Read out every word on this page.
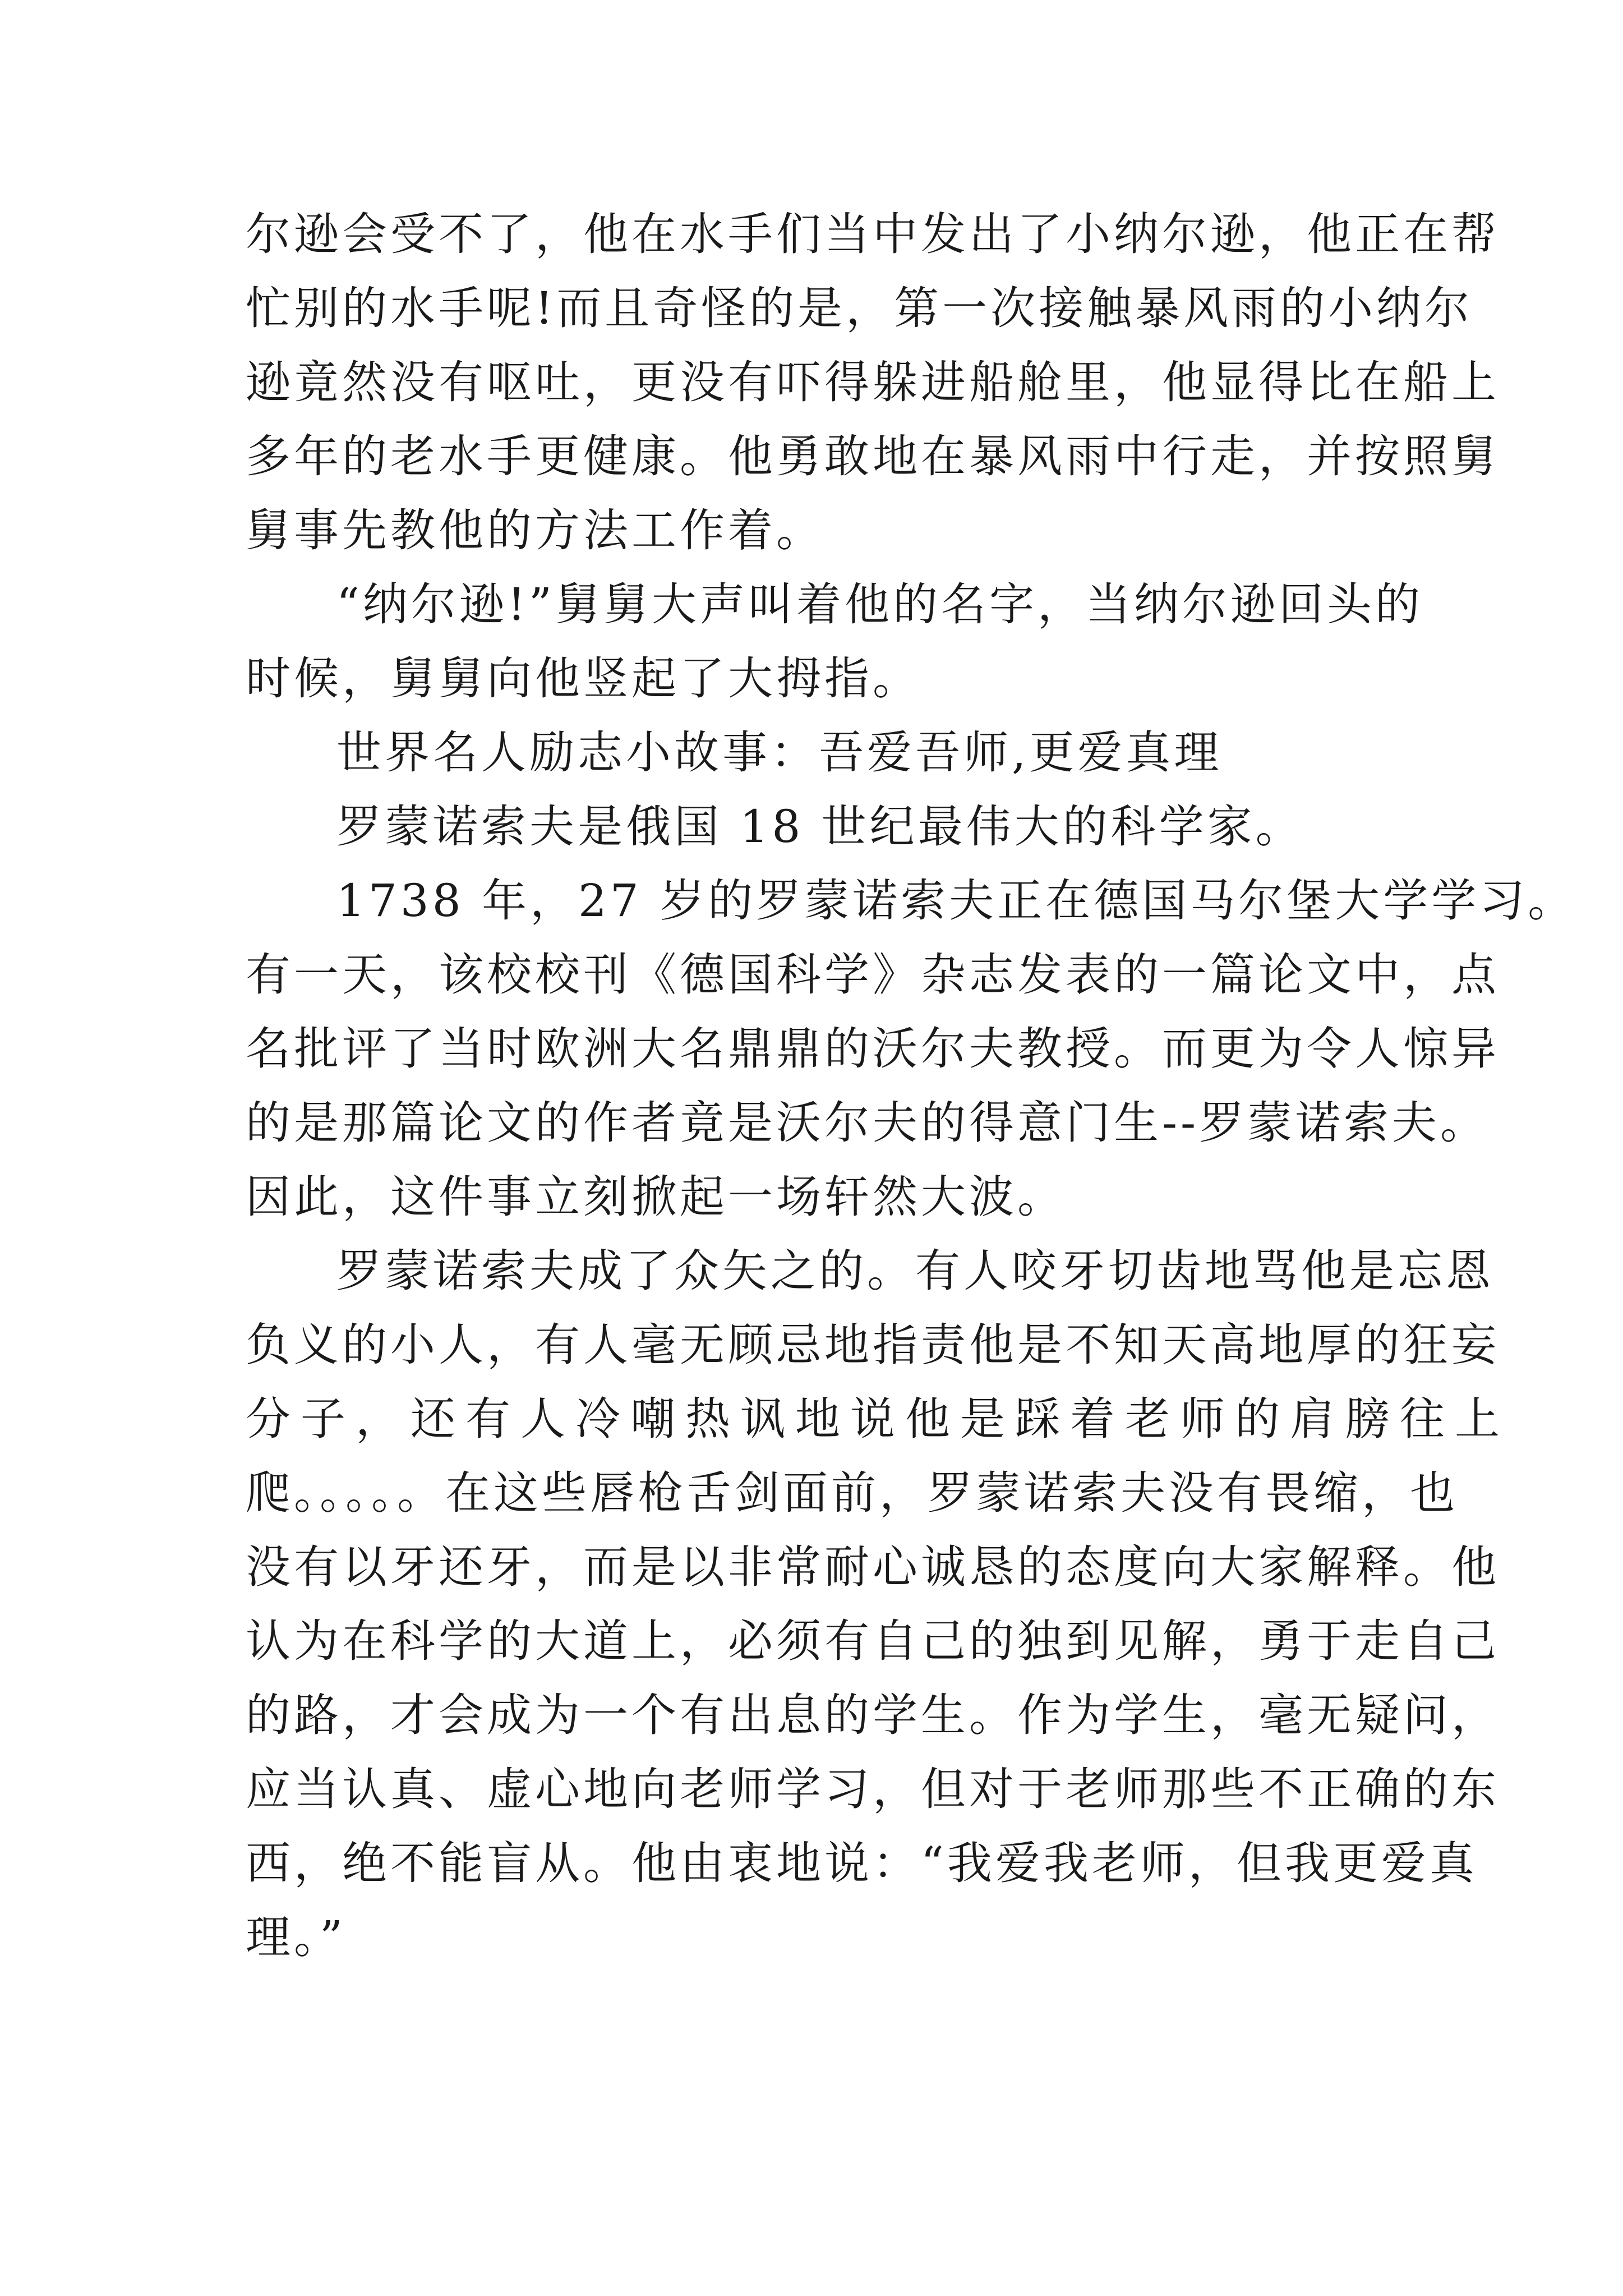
尔逊会受不了，他在水手们当中发出了小纳尔逊，他正在帮
忙别的水手呢!而且奇怪的是，第一次接触暴风雨的小纳尔
逊竟然没有呕吐，更没有吓得躲进船舱里，他显得比在船上
多年的老水手更健康。他勇敢地在暴风雨中行走，并按照舅
舅事先教他的方法工作着。
“纳尔逊!”舅舅大声叫着他的名字，当纳尔逊回头的
时候，舅舅向他竖起了大拇指。
世界名人励志小故事：吾爱吾师,更爱真理
罗蒙诺索夫是俄国 18 世纪最伟大的科学家。
1738 年，27 岁的罗蒙诺索夫正在德国马尔堡大学学习。
有一天，该校校刊《德国科学》杂志发表的一篇论文中，点
名批评了当时欧洲大名鼎鼎的沃尔夫教授。而更为令人惊异
的是那篇论文的作者竟是沃尔夫的得意门生--罗蒙诺索夫。
因此，这件事立刻掀起一场轩然大波。
罗蒙诺索夫成了众矢之的。有人咬牙切齿地骂他是忘恩
负义的小人，有人毫无顾忌地指责他是不知天高地厚的狂妄
分子，还有人冷嘲热讽地说他是踩着老师的肩膀往上
爬。。。。。在这些唇枪舌剑面前，罗蒙诺索夫没有畏缩，也
没有以牙还牙，而是以非常耐心诚恳的态度向大家解释。他
认为在科学的大道上，必须有自己的独到见解，勇于走自己
的路，才会成为一个有出息的学生。作为学生，毫无疑问，
应当认真、虚心地向老师学习，但对于老师那些不正确的东
西，绝不能盲从。他由衷地说：“我爱我老师，但我更爱真
理。”
